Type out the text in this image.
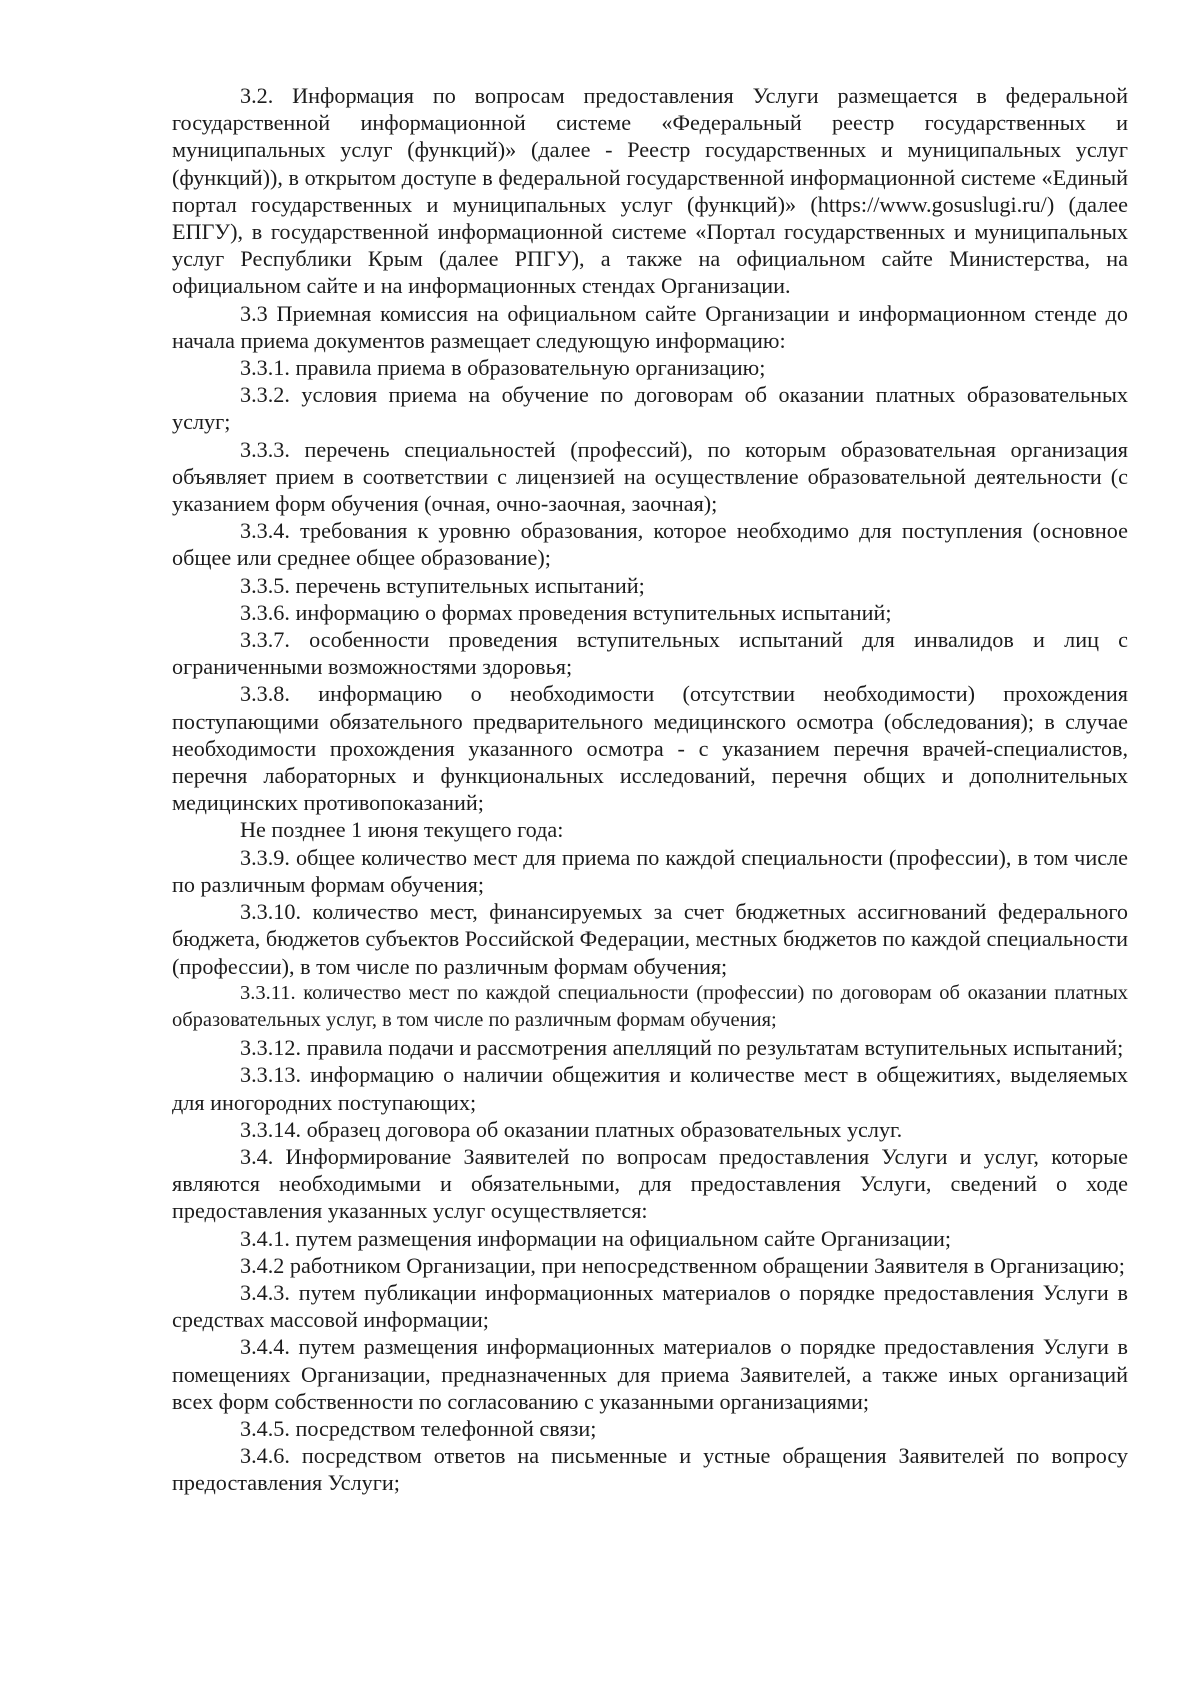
3.2. Информация по вопросам предоставления Услуги размещается в федеральной государственной информационной системе «Федеральный реестр государственных и муниципальных услуг (функций)» (далее - Реестр государственных и муниципальных услуг (функций)), в открытом доступе в федеральной государственной информационной системе «Единый портал государственных и муниципальных услуг (функций)» (https://www.gosuslugi.ru/) (далее ЕПГУ), в государственной информационной системе «Портал государственных и муниципальных услуг Республики Крым (далее РПГУ), а также на официальном сайте Министерства, на официальном сайте и на информационных стендах Организации.

3.3 Приемная комиссия на официальном сайте Организации и информационном стенде до начала приема документов размещает следующую информацию:

3.3.1. правила приема в образовательную организацию;

3.3.2. условия приема на обучение по договорам об оказании платных образовательных услуг;

3.3.3. перечень специальностей (профессий), по которым образовательная организация объявляет прием в соответствии с лицензией на осуществление образовательной деятельности (с указанием форм обучения (очная, очно-заочная, заочная);

3.3.4. требования к уровню образования, которое необходимо для поступления (основное общее или среднее общее образование);

3.3.5. перечень вступительных испытаний;

3.3.6. информацию о формах проведения вступительных испытаний;

3.3.7. особенности проведения вступительных испытаний для инвалидов и лиц с ограниченными возможностями здоровья;

3.3.8. информацию о необходимости (отсутствии необходимости) прохождения поступающими обязательного предварительного медицинского осмотра (обследования); в случае необходимости прохождения указанного осмотра - с указанием перечня врачей-специалистов, перечня лабораторных и функциональных исследований, перечня общих и дополнительных медицинских противопоказаний;

Не позднее 1 июня текущего года:

3.3.9. общее количество мест для приема по каждой специальности (профессии), в том числе по различным формам обучения;

3.3.10. количество мест, финансируемых за счет бюджетных ассигнований федерального бюджета, бюджетов субъектов Российской Федерации, местных бюджетов по каждой специальности (профессии), в том числе по различным формам обучения;

3.3.11. количество мест по каждой специальности (профессии) по договорам об оказании платных образовательных услуг, в том числе по различным формам обучения;

3.3.12. правила подачи и рассмотрения апелляций по результатам вступительных испытаний;

3.3.13. информацию о наличии общежития и количестве мест в общежитиях, выделяемых для иногородних поступающих;

3.3.14. образец договора об оказании платных образовательных услуг.

3.4. Информирование Заявителей по вопросам предоставления Услуги и услуг, которые являются необходимыми и обязательными, для предоставления Услуги, сведений о ходе предоставления указанных услуг осуществляется:

3.4.1. путем размещения информации на официальном сайте Организации;

3.4.2 работником Организации, при непосредственном обращении Заявителя в Организацию;

3.4.3. путем публикации информационных материалов о порядке предоставления Услуги в средствах массовой информации;

3.4.4. путем размещения информационных материалов о порядке предоставления Услуги в помещениях Организации, предназначенных для приема Заявителей, а также иных организаций всех форм собственности по согласованию с указанными организациями;

3.4.5. посредством телефонной связи;

3.4.6. посредством ответов на письменные и устные обращения Заявителей по вопросу предоставления Услуги;
